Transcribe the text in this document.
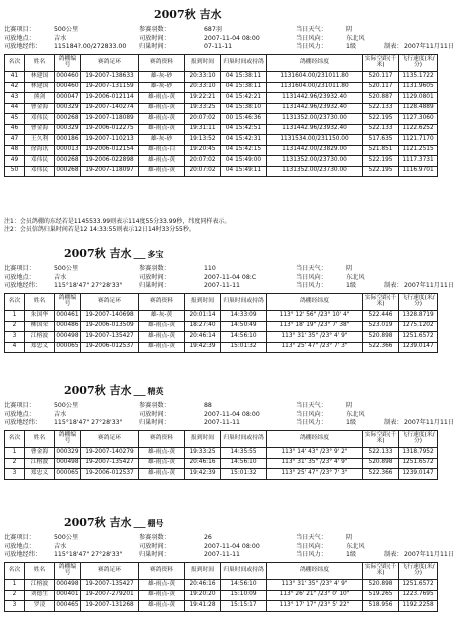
2007秋 吉水
比赛项目：	500公里	参赛羽数：	687羽	当日天气：	阴
司放地点：	吉水	司放时间：	2007-11-04 08:00	当日风向：	东北风
司放地经纬： 115184?.00/272833.00 归巢时间：	07-11-11	当日风力：	1级	制表： 2007年11月11日
名次	姓名	鸽棚编号	赛鸽足环	赛鸽资料	报到时间	归巢时间或持鸽	鸽棚经纬度	实际空距(千米)	飞行速度(米/分)
41	林建国	000460	19-2007-138633	雄-灰-砂	20:33:10	04 15:38:11	1131604.00/231011.80	520.117	1135.1722
42	林建国	000460	19-2007-131159	雄-灰-砂	20:33:10	04 15:38:11	1131604.00/231011.80	520.117	1131.9605
43	熊剑	000047	19-2006-012114	雄-雨点-黄	19:22:21	04 15:42:21	1131442.96/23932.40	520.887	1129.0801
44	曹金海	000329	19-2007-140274	雄-雨点-黄	19:33:25	04 15:38:10	1131442.96/23932.40	522.133	1128.4889
45	邓伟民	000268	19-2007-118089	雄-雨点-黄	20:07:02	00 15:46:36	1131352.00/23730.00	522.195	1127.3060
46	曹金海	000329	19-2006-012275	雄-雨点-黄	19:31:11	04 15:42:51	1131442.96/23932.40	522.133	1122.6252
47	王久利	000186	19-2007-110213	雄-灰-砂	19:13:52	04 15:42:31	1131534.00/231150.00	517.635	1121.7170
48	徐海讯	000013	19-2006-012154	雄-雨点-白	19:20:45	04 15:42:15	1131442.00/23829.00	521.851	1121.2515
49	邓伟民	000268	19-2006-022898	雄-雨点-黄	20:07:02	04 15:49:00	1131352.00/23730.00	522.195	1117.3731
50	邓伟民	000268	19-2007-118097	雄-雨点-黄	20:07:02	04 15:49:11	1131352.00/23730.00	522.195	1116.9701
注1：会员鸽棚的东经若是1145533.99则表示114度55分33.99秒，纬度同样表示。
注2：会员信鸽归巢时间若是12 14:33:55则表示12日14时33分55秒。
2007秋 吉水 ___ 多宝
比赛项目：	500公里	参赛羽数：	110	当日天气：	阴
司放地点：	吉水	司放时间：	2007-11-04 08:C	当日风向：	东北风
司放地经纬： 115°18'47" 27°28'33"	归巢时间：	2007-11-11	当日风力：	1级	制表： 2007年11月11日
名次	姓名	鸽棚编号	赛鸽足环	赛鸽资料	报到时间	归巢时间或持鸽	鸽棚经纬度	实际空距(千米)	飞行速度(米/分)
1	朱国华	000461	19-2007-140698	雄-灰-黄	20:01:14	14:33:09	113° 12' 56" /23° 10' 4"	522.446	1328.8719
2	柳国荣	000486	19-2006-013509	雄-雨点-黄	18:27:40	14:50:49	113° 18' 19" /23° 7' 38"	523.019	1275.1202
3	江榕波	000498	19-2007-135427	雄-雨点-黄	20:46:14	14:56:10	113° 31' 35" /23° 4' 9"	520.898	1251.6572
4	郑忠义	000065	19-2006-012537	雄-雨点-黄	19:42:39	15:01:32	113° 25' 47" /23° 7' 3"	522.366	1239.0147
2007秋 吉水 ___ 精英
比赛项目：	500公里	参赛羽数：	88	当日天气：	阴
司放地点：	吉水	司放时间：	2007-11-04 08:00	当日风向：	东北风
司放地经纬： 115°18'47" 27°28'33"	归巢时间：	2007-11-11	当日风力：	1级	制表： 2007年11月11日
名次	姓名	鸽棚编号	赛鸽足环	赛鸽资料	报到时间	归巢时间或持鸽	鸽棚经纬度	实际空距(千米)	飞行速度(米/分)
1	曹金海	000329	19-2007-140279	雄-雨点-黄	19:33:25	14:35:55	113° 14' 43" /23° 9' 2"	522.133	1318.7952
2	江榕波	000498	19-2007-135427	雄-雨点-黄	20:46:16	14:56:10	113° 31' 35" /23° 4' 9"	520.898	1251.6572
3	郑忠义	000065	19-2006-012537	雄-雨点-黄	19:42:39	15:01:32	113° 25' 47" /23° 7' 3"	522.366	1239.0147
2007秋 吉水 ___ 棚号
比赛项目：	500公里	参赛羽数：	26	当日天气：	阴
司放地点：	吉水	司放时间：	2007-11-04 08:00	当日风向：	东北风
司放地经纬： 115°18'47" 27°28'33"	归巢时间：	2007-11-11	当日风力：	1级	制表： 2007年11月11日
名次	姓名	鸽棚编号	赛鸽足环	赛鸽资料	报到时间	归巢时间或持鸽	鸽棚经纬度	实际空距(千米)	飞行速度(米/分)
1	江榕波	000498	19-2007-135427	雄-雨点-黄	20:46:16	14:56:10	113° 31' 35" /23° 4' 9"	520.898	1251.6572
2	刘德生	000401	19-2007-279201	雄-雨点-黄	19:20:20	15:10:09	113° 26' 21" /23° 0' 10"	519.265	1223.7695
3	罗凌	000465	19-2007-131268	雄-雨点-黄	19:41:28	15:15:17	113° 17' 17" /23° 5' 22"	518.956	1192.2258
